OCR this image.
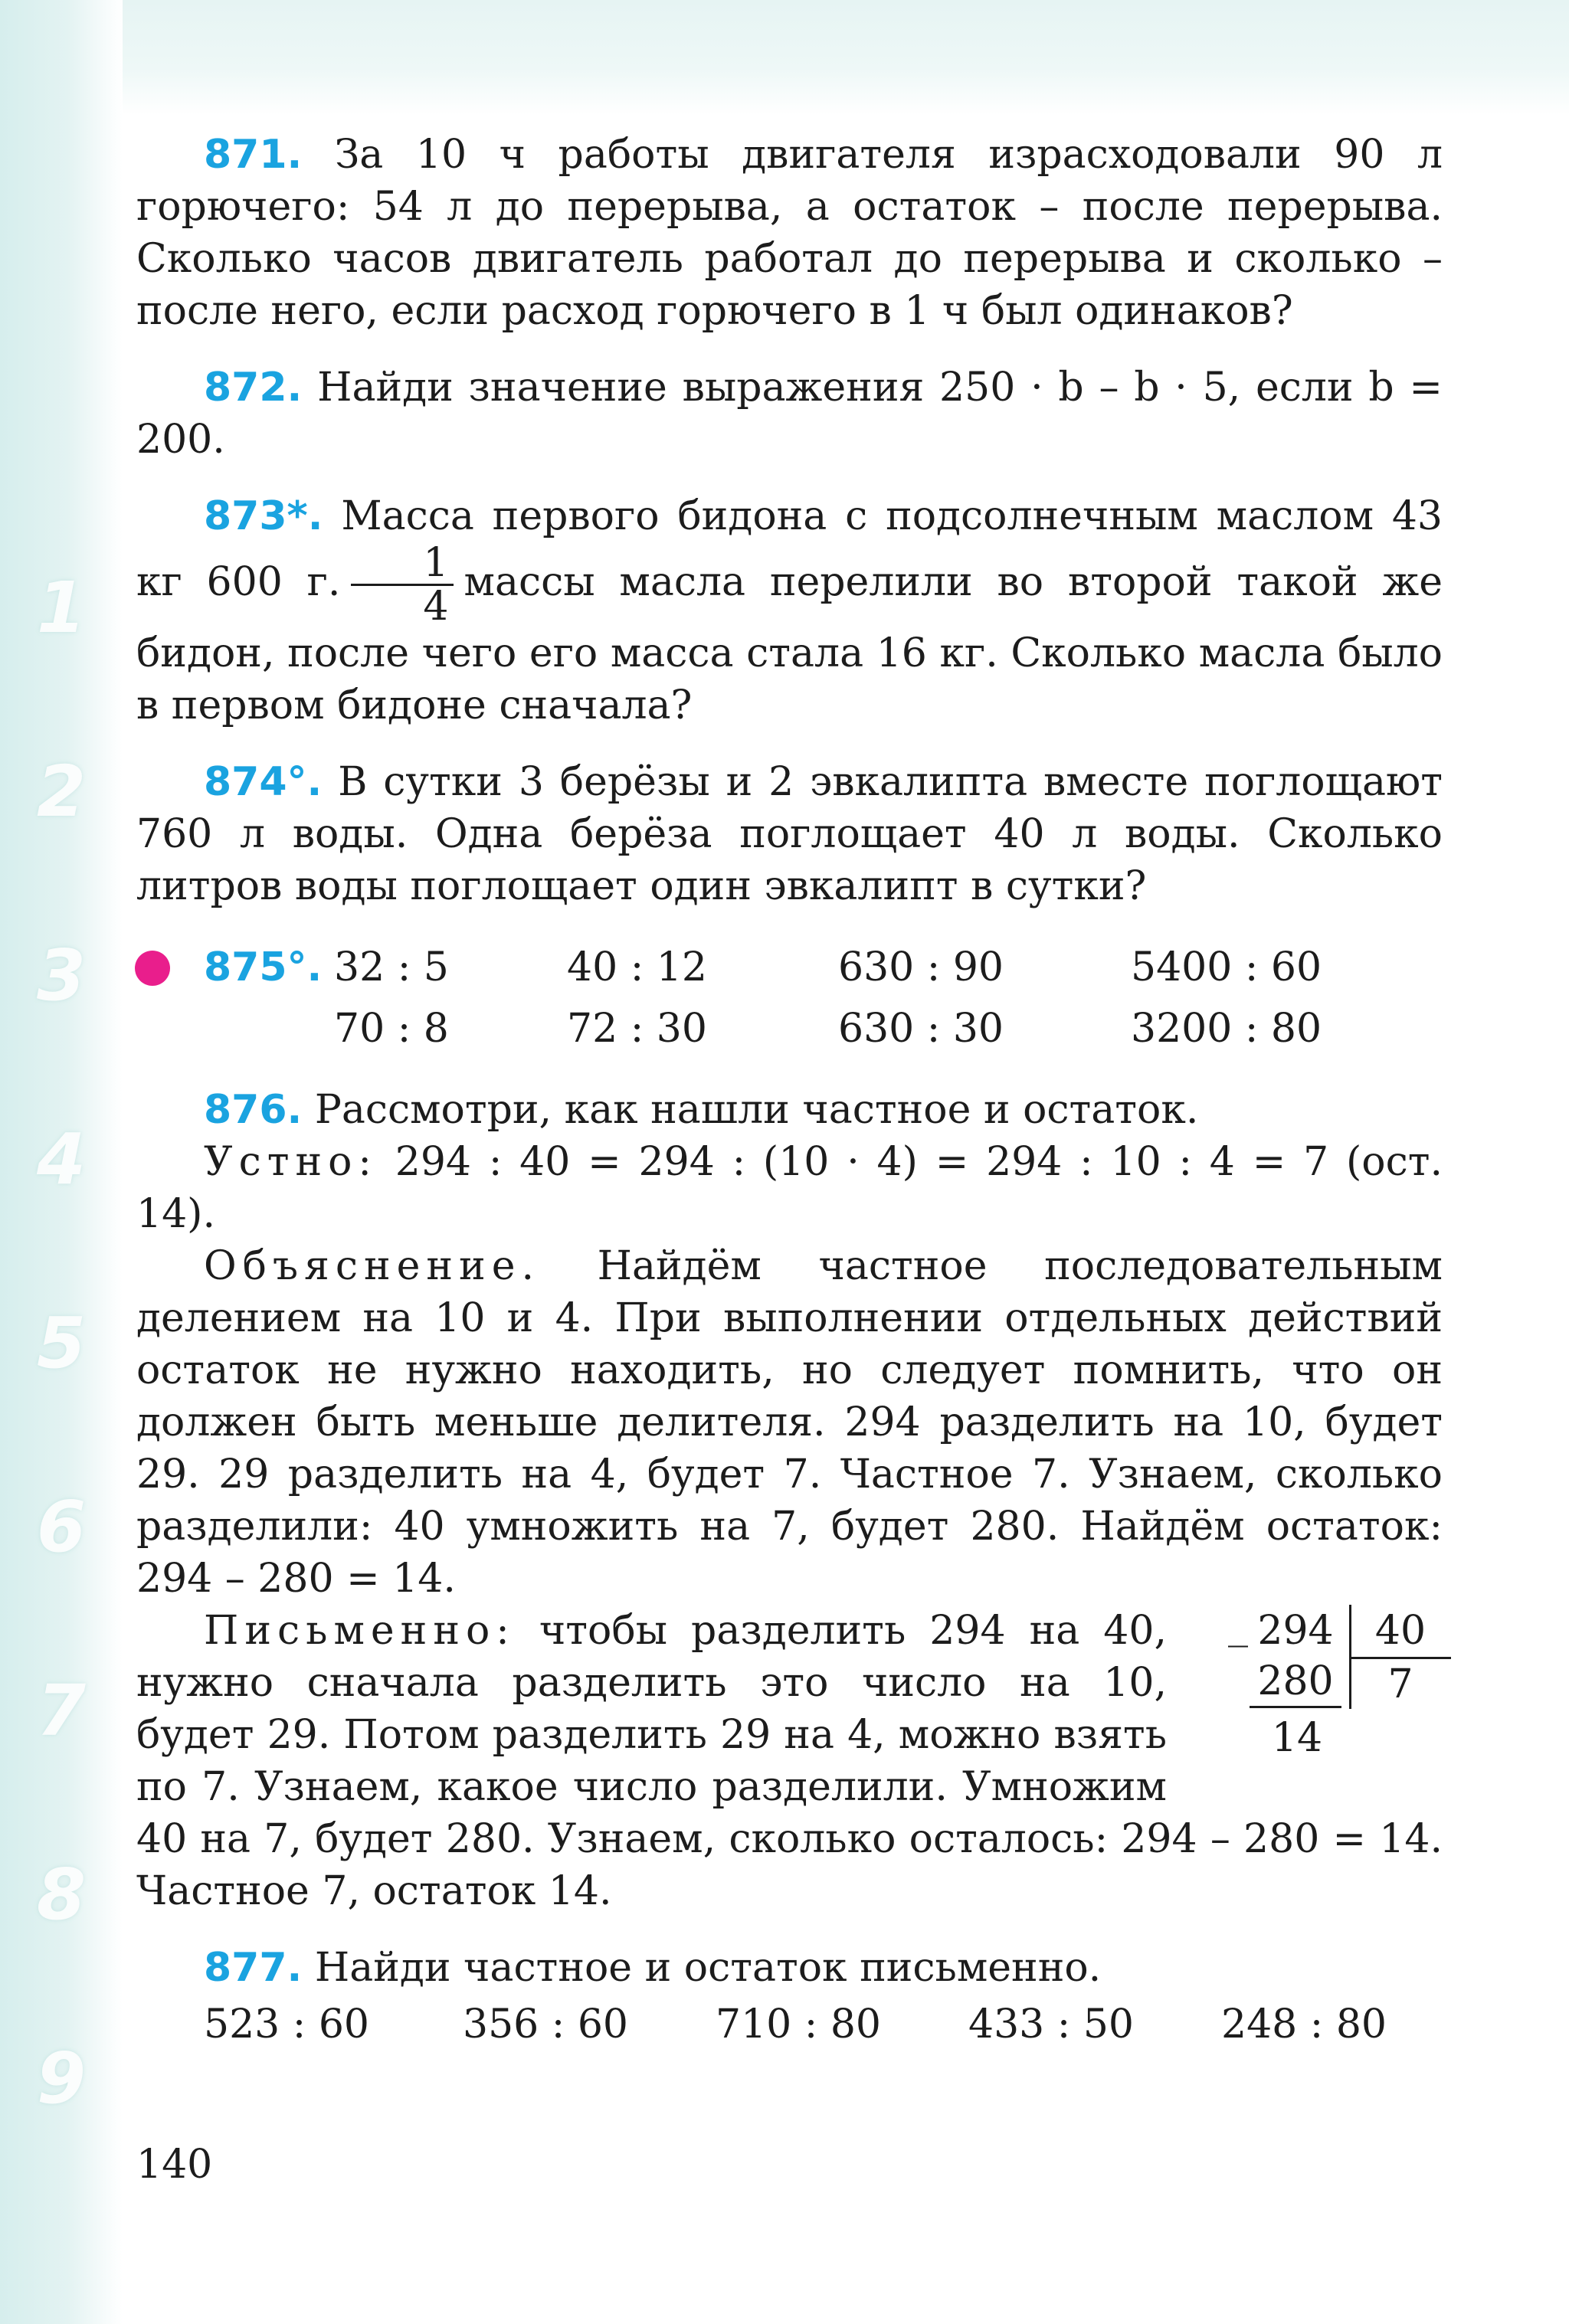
1
2
3
4
5
6
7
8
9

871. За 10 ч работы двигателя израсходовали 90 л горючего: 54 л до перерыва, а остаток – после перерыва. Сколько часов двигатель работал до перерыва и сколько – после него, если расход горючего в 1 ч был одинаков?

872. Найди значение выражения 250 · b – b · 5, если b = 200.

873*. Масса первого бидона с подсолнечным маслом 43 кг 600 г. $\frac{1}{4}$ массы масла перелили во второй такой же бидон, после чего его масса стала 16 кг. Сколько масла было в первом бидоне сначала?

874°. В сутки 3 берёзы и 2 эвкалипта вместе поглощают 760 л воды. Одна берёза поглощает 40 л воды. Сколько литров воды поглощает один эвкалипт в сутки?

875°.	32 : 5	40 : 12	630 : 90	5400 : 60
	70 : 8	72 : 30	630 : 30	3200 : 80

876. Рассмотри, как нашли частное и остаток.

Устно: 294 : 40 = 294 : (10 · 4) = 294 : 10 : 4 = 7 (ост. 14).

Объяснение. Найдём частное последовательным делением на 10 и 4. При выполнении отдельных действий остаток не нужно находить, но следует помнить, что он должен быть меньше делителя. 294 разделить на 10, будет 29. 29 разделить на 4, будет 7. Частное 7. Узнаем, сколько разделили: 40 умножить на 7, будет 280. Найдём остаток: 294 – 280 = 14.

_ 294	40
280	7
14

Письменно: чтобы разделить 294 на 40, нужно сначала разделить это число на 10, будет 29. Потом разделить 29 на 4, можно взять по 7. Узнаем, какое число разделили. Умножим 40 на 7, будет 280. Узнаем, сколько осталось: 294 – 280 = 14. Частное 7, остаток 14.

877. Найди частное и остаток письменно.

523 : 60	356 : 60	710 : 80	433 : 50	248 : 80
140
